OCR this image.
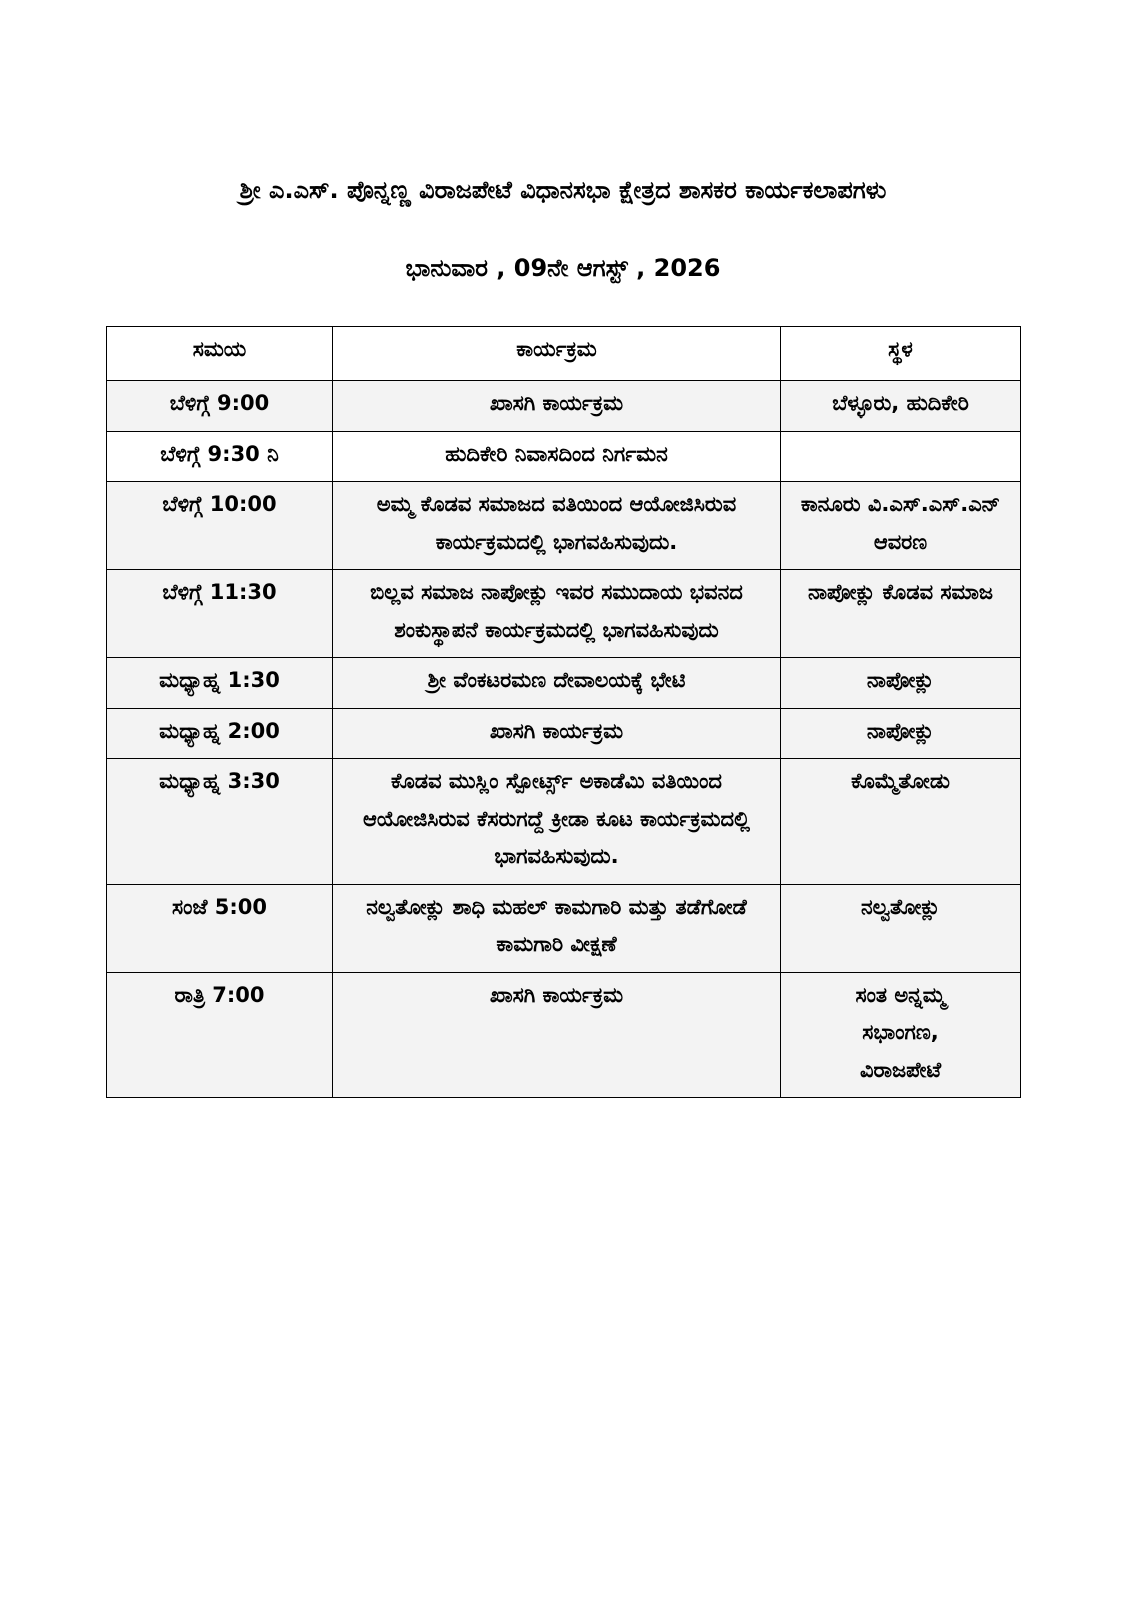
ಶ್ರೀ ಎ.ಎಸ್. ಪೊನ್ನಣ್ಣ ವಿರಾಜಪೇಟೆ ವಿಧಾನಸಭಾ ಕ್ಷೇತ್ರದ ಶಾಸಕರ ಕಾರ್ಯಕಲಾಪಗಳು
ಭಾನುವಾರ , 09ನೇ ಆಗಸ್ಟ್ , 2026
ಸಮಯ	ಕಾರ್ಯಕ್ರಮ	ಸ್ಥಳ
ಬೆಳಿಗ್ಗೆ 9:00	ಖಾಸಗಿ ಕಾರ್ಯಕ್ರಮ	ಬೆಳ್ಳೂರು, ಹುದಿಕೇರಿ
ಬೆಳಿಗ್ಗೆ 9:30 ನಿ	ಹುದಿಕೇರಿ ನಿವಾಸದಿಂದ ನಿರ್ಗಮನ	
ಬೆಳಿಗ್ಗೆ 10:00	ಅಮ್ಮ ಕೊಡವ ಸಮಾಜದ ವತಿಯಿಂದ ಆಯೋಜಿಸಿರುವ ಕಾರ್ಯಕ್ರಮದಲ್ಲಿ ಭಾಗವಹಿಸುವುದು.	ಕಾನೂರು ವಿ.ಎಸ್.ಎಸ್.ಎನ್ ಆವರಣ
ಬೆಳಿಗ್ಗೆ 11:30	ಬಿಲ್ಲವ ಸಮಾಜ ನಾಪೋಕ್ಲು ಇವರ ಸಮುದಾಯ ಭವನದ ಶಂಕುಸ್ಥಾಪನೆ ಕಾರ್ಯಕ್ರಮದಲ್ಲಿ ಭಾಗವಹಿಸುವುದು	ನಾಪೋಕ್ಲು ಕೊಡವ ಸಮಾಜ
ಮಧ್ಯಾಹ್ನ 1:30	ಶ್ರೀ ವೆಂಕಟರಮಣ ದೇವಾಲಯಕ್ಕೆ ಭೇಟಿ	ನಾಪೋಕ್ಲು
ಮಧ್ಯಾಹ್ನ 2:00	ಖಾಸಗಿ ಕಾರ್ಯಕ್ರಮ	ನಾಪೋಕ್ಲು
ಮಧ್ಯಾಹ್ನ 3:30	ಕೊಡವ ಮುಸ್ಲಿಂ ಸ್ಪೋರ್ಟ್ಸ್ ಅಕಾಡೆಮಿ ವತಿಯಿಂದ ಆಯೋಜಿಸಿರುವ ಕೆಸರುಗದ್ದೆ ಕ್ರೀಡಾ ಕೂಟ ಕಾರ್ಯಕ್ರಮದಲ್ಲಿ ಭಾಗವಹಿಸುವುದು.	ಕೊಮ್ಮೆತೋಡು
ಸಂಜೆ 5:00	ನಲ್ವತೋಕ್ಲು ಶಾಧಿ ಮಹಲ್ ಕಾಮಗಾರಿ ಮತ್ತು ತಡೆಗೋಡೆ ಕಾಮಗಾರಿ ವೀಕ್ಷಣೆ	ನಲ್ವತೋಕ್ಲು
ರಾತ್ರಿ 7:00	ಖಾಸಗಿ ಕಾರ್ಯಕ್ರಮ	ಸಂತ ಅನ್ನಮ್ಮ ಸಭಾಂಗಣ, ವಿರಾಜಪೇಟೆ
